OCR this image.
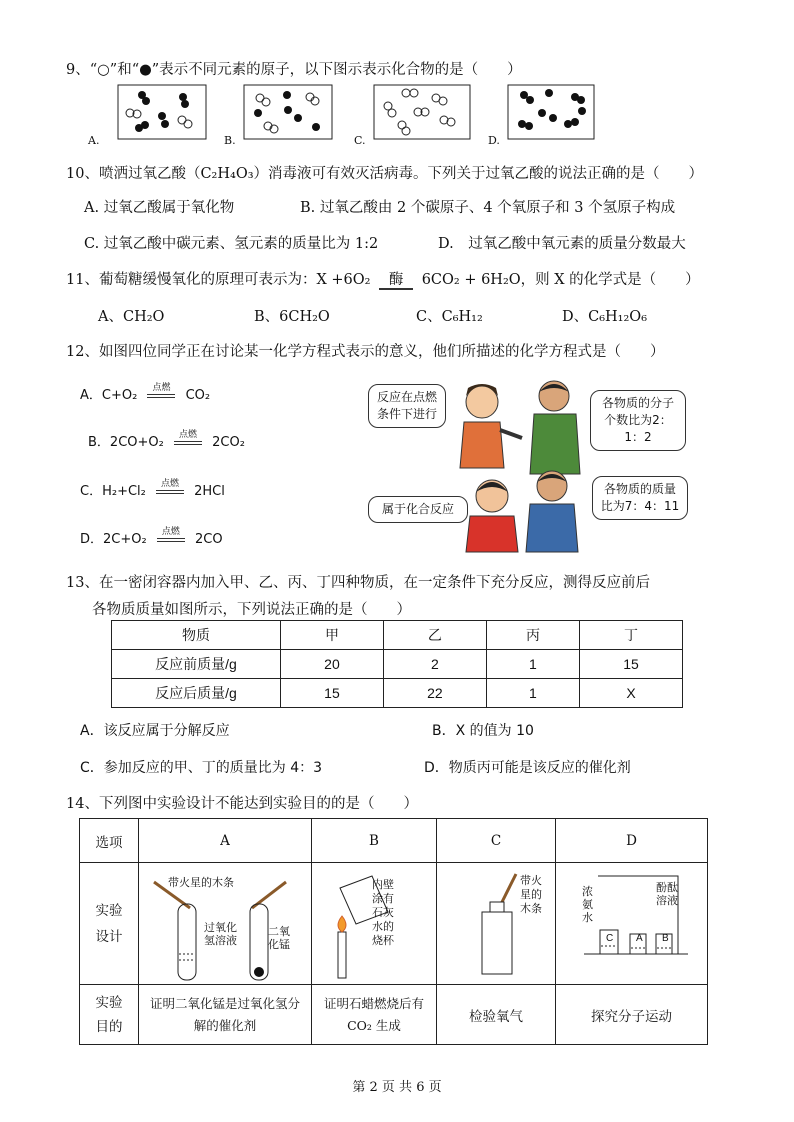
9、“○”和“●”表示不同元素的原子，以下图示表示化合物的是（　　）
A.	B.	C.	D.
10、喷洒过氧乙酸（C₂H₄O₃）消毒液可有效灭活病毒。下列关于过氧乙酸的说法正确的是（　　）
A. 过氧乙酸属于氧化物	B. 过氧乙酸由 2 个碳原子、4 个氧原子和 3 个氢原子构成
C. 过氧乙酸中碳元素、氢元素的质量比为 1:2	D.　过氧乙酸中氧元素的质量分数最大
11、葡萄糖缓慢氧化的原理可表示为：X +6O₂ 酶 6CO₂ + 6H₂O，则 X 的化学式是（　　）
A、CH₂O	B、6CH₂O	C、C₆H₁₂	D、C₆H₁₂O₆
12、如图四位同学正在讨论某一化学方程式表示的意义，他们所描述的化学方程式是（　　）
A．C+O₂
点燃
CO₂
B．2CO+O₂
点燃
2CO₂
C．H₂+Cl₂
点燃
2HCl
D．2C+O₂
点燃
2CO
反应在点燃条件下进行
各物质的分子个数比为2：1：2
属于化合反应
各物质的质量比为7：4：11
13、在一密闭容器内加入甲、乙、丙、丁四种物质，在一定条件下充分反应，测得反应前后
各物质质量如图所示，下列说法正确的是（　　）
物质	甲	乙	丙	丁
反应前质量/g	20	2	1	15
反应后质量/g	15	22	1	X
A．该反应属于分解反应	B．X 的值为 10
C．参加反应的甲、丁的质量比为 4：3	D．物质丙可能是该反应的催化剂
14、下列图中实验设计不能达到实验目的的是（　　）
选项	A	B	C	D
实验设计				
实验目的	证明二氧化锰是过氧化氢分解的催化剂	证明石蜡燃烧后有 CO₂ 生成	检验氧气	探究分子运动
带火星的木条
过氧化氢溶液
二氧化锰
内壁涂有石灰水的烧杯
带火星的木条
浓氨水
酚酞溶液
C A B
第 2 页 共 6 页
